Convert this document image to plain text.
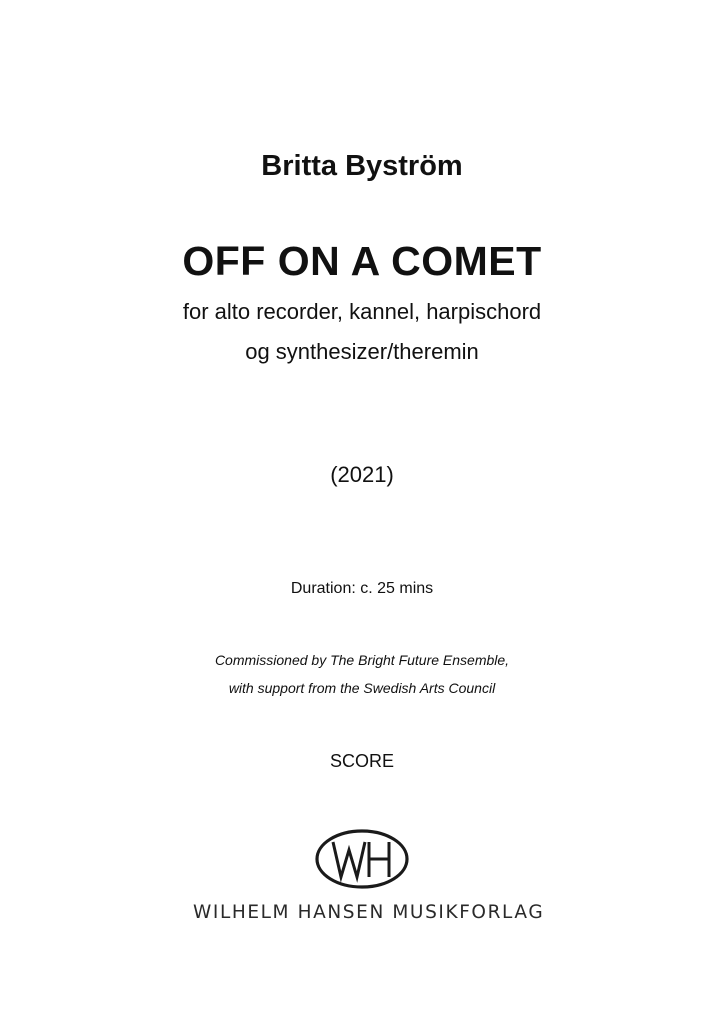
Britta Byström
OFF ON A COMET
for alto recorder, kannel, harpischord
og synthesizer/theremin
(2021)
Duration: c. 25 mins
Commissioned by The Bright Future Ensemble,
with support from the Swedish Arts Council
SCORE
WILHELM HANSEN MUSIKFORLAG
